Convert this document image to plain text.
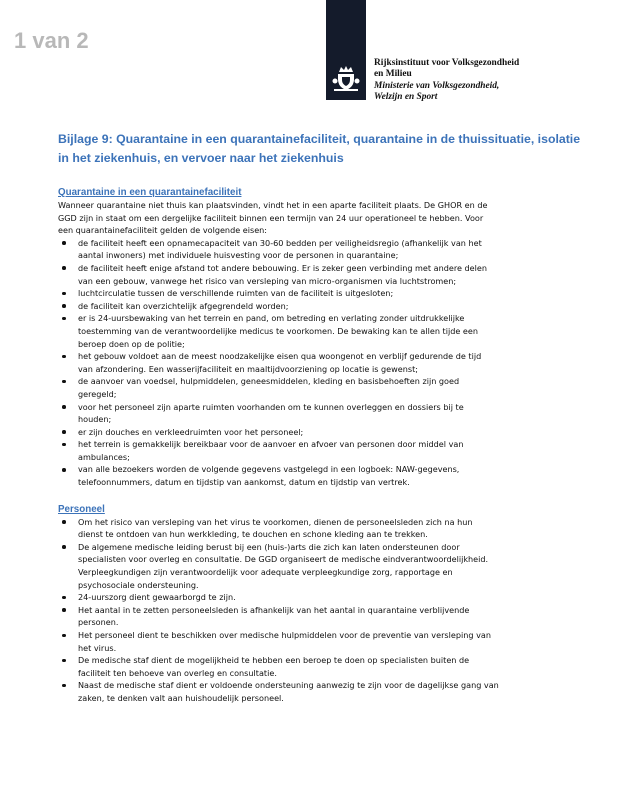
1 van 2
Rijksinstituut voor Volksgezondheid
en Milieu
Ministerie van Volksgezondheid,
Welzijn en Sport
Bijlage 9: Quarantaine in een quarantainefaciliteit, quarantaine in de thuissituatie, isolatie in het ziekenhuis, en vervoer naar het ziekenhuis

Quarantaine in een quarantainefaciliteit

Wanneer quarantaine niet thuis kan plaatsvinden, vindt het in een aparte faciliteit plaats. De GHOR en de
GGD zijn in staat om een dergelijke faciliteit binnen een termijn van 24 uur operationeel te hebben. Voor
een quarantainefaciliteit gelden de volgende eisen:

de faciliteit heeft een opnamecapaciteit van 30-60 bedden per veiligheidsregio (afhankelijk van het
aantal inwoners) met individuele huisvesting voor de personen in quarantaine;
de faciliteit heeft enige afstand tot andere bebouwing. Er is zeker geen verbinding met andere delen
van een gebouw, vanwege het risico van versleping van micro-organismen via luchtstromen;
luchtcirculatie tussen de verschillende ruimten van de faciliteit is uitgesloten;
de faciliteit kan overzichtelijk afgegrendeld worden;
er is 24-uursbewaking van het terrein en pand, om betreding en verlating zonder uitdrukkelijke
toestemming van de verantwoordelijke medicus te voorkomen. De bewaking kan te allen tijde een
beroep doen op de politie;
het gebouw voldoet aan de meest noodzakelijke eisen qua woongenot en verblijf gedurende de tijd
van afzondering. Een wasserijfaciliteit en maaltijdvoorziening op locatie is gewenst;
de aanvoer van voedsel, hulpmiddelen, geneesmiddelen, kleding en basisbehoeften zijn goed
geregeld;
voor het personeel zijn aparte ruimten voorhanden om te kunnen overleggen en dossiers bij te
houden;
er zijn douches en verkleedruimten voor het personeel;
het terrein is gemakkelijk bereikbaar voor de aanvoer en afvoer van personen door middel van
ambulances;
van alle bezoekers worden de volgende gegevens vastgelegd in een logboek: NAW-gegevens,
telefoonnummers, datum en tijdstip van aankomst, datum en tijdstip van vertrek.

Personeel

Om het risico van versleping van het virus te voorkomen, dienen de personeelsleden zich na hun
dienst te ontdoen van hun werkkleding, te douchen en schone kleding aan te trekken.
De algemene medische leiding berust bij een (huis-)arts die zich kan laten ondersteunen door
specialisten voor overleg en consultatie. De GGD organiseert de medische eindverantwoordelijkheid.
Verpleegkundigen zijn verantwoordelijk voor adequate verpleegkundige zorg, rapportage en
psychosociale ondersteuning.
24-uurszorg dient gewaarborgd te zijn.
Het aantal in te zetten personeelsleden is afhankelijk van het aantal in quarantaine verblijvende
personen.
Het personeel dient te beschikken over medische hulpmiddelen voor de preventie van versleping van
het virus.
De medische staf dient de mogelijkheid te hebben een beroep te doen op specialisten buiten de
faciliteit ten behoeve van overleg en consultatie.
Naast de medische staf dient er voldoende ondersteuning aanwezig te zijn voor de dagelijkse gang van
zaken, te denken valt aan huishoudelijk personeel.
